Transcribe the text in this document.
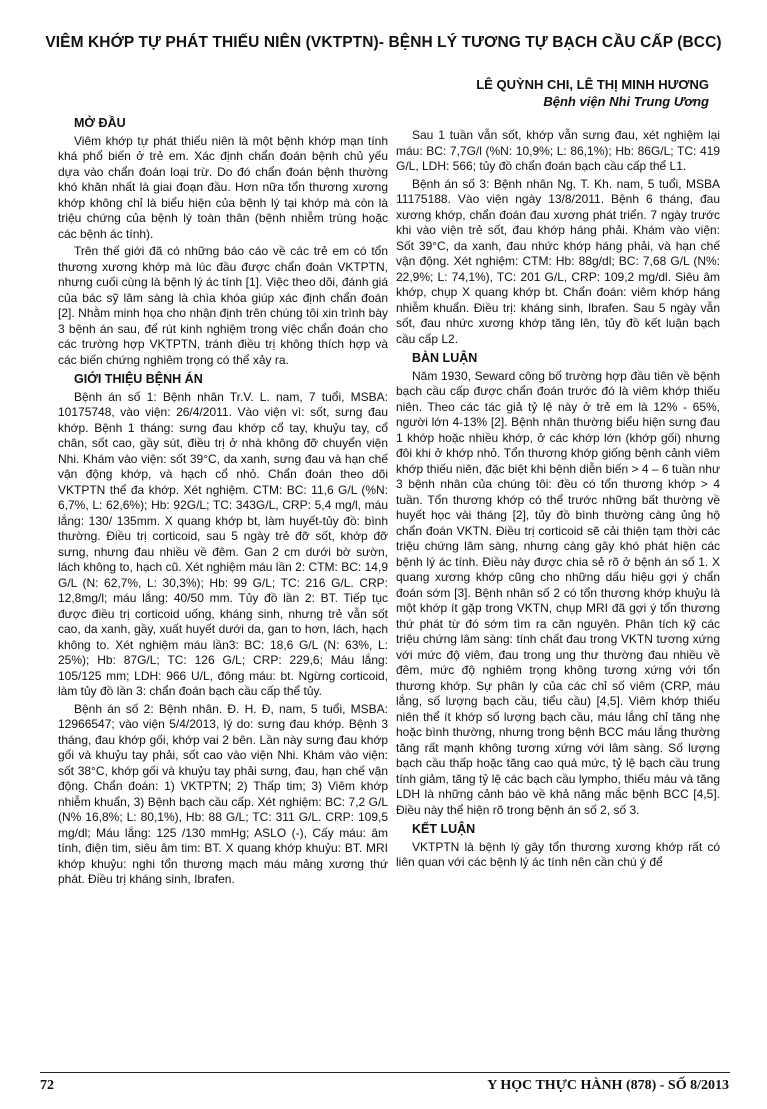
VIÊM KHỚP TỰ PHÁT THIẾU NIÊN (VKTPTN)- BỆNH LÝ TƯƠNG TỰ BẠCH CẦU CẤP (BCC)
LÊ QUỲNH CHI, LÊ THỊ MINH HƯƠNG
Bệnh viện Nhi Trung Ương
MỞ ĐẦU

Viêm khớp tự phát thiếu niên là một bệnh khớp mạn tính khá phổ biến ở trẻ em. Xác định chẩn đoán bệnh chủ yếu dựa vào chẩn đoán loại trừ. Do đó chẩn đoán bệnh thường khó khăn nhất là giai đoạn đầu. Hơn nữa tổn thương xương khớp không chỉ là biểu hiện của bệnh lý tại khớp mà còn là triệu chứng của bệnh lý toàn thân (bệnh nhiễm trùng hoặc các bệnh ác tính).

Trên thế giới đã có những báo cáo về các trẻ em có tổn thương xương khớp mà lúc đầu được chẩn đoán VKTPTN, nhưng cuối cùng là bệnh lý ác tính [1]. Việc theo dõi, đánh giá của bác sỹ lâm sàng là chìa khóa giúp xác định chẩn đoán [2]. Nhằm minh họa cho nhận định trên chúng tôi xin trình bày 3 bệnh án sau, để rút kinh nghiệm trong việc chẩn đoán cho các trường hợp VKTPTN, tránh điều trị không thích hợp và các biến chứng nghiêm trọng có thể xảy ra.

GIỚI THIỆU BỆNH ÁN

Bệnh án số 1: Bệnh nhân Tr.V. L. nam, 7 tuổi, MSBA: 10175748, vào viện: 26/4/2011. Vào viện vì: sốt, sưng đau khớp. Bệnh 1 tháng: sưng đau khớp cổ tay, khuỷu tay, cổ chân, sốt cao, gầy sút, điều trị ở nhà không đỡ chuyển viện Nhi. Khám vào viện: sốt 39°C, da xanh, sưng đau và hạn chế vận động khớp, và hạch cổ nhỏ. Chẩn đoán theo dõi VKTPTN thể đa khớp. Xét nghiệm. CTM: BC: 11,6 G/L (%N: 6,7%, L: 62,6%); Hb: 92G/L; TC: 343G/L, CRP: 5,4 mg/l, máu lắng: 130/ 135mm. X quang khớp bt, làm huyết-tủy đồ: bình thường. Điều trị corticoid, sau 5 ngày trẻ đỡ sốt, khớp đỡ sưng, nhưng đau nhiều về đêm. Gan 2 cm dưới bờ sườn, lách không to, hạch cũ. Xét nghiệm máu lần 2: CTM: BC: 14,9 G/L (N: 62,7%, L: 30,3%); Hb: 99 G/L; TC: 216 G/L. CRP: 12,8mg/l; máu lắng: 40/50 mm. Tủy đồ lần 2: BT. Tiếp tục được điều trị corticoid uống, kháng sinh, nhưng trẻ vẫn sốt cao, da xanh, gầy, xuất huyết dưới da, gan to hơn, lách, hạch không to. Xét nghiệm máu lần3: BC: 18,6 G/L (N: 63%, L: 25%); Hb: 87G/L; TC: 126 G/L; CRP: 229,6; Máu lắng: 105/125 mm; LDH: 966 U/L, đông máu: bt. Ngừng corticoid, làm tủy đồ lần 3: chẩn đoán bạch cầu cấp thể tủy.

Bệnh án số 2: Bệnh nhân. Đ. H. Đ, nam, 5 tuổi, MSBA: 12966547; vào viện 5/4/2013, lý do: sưng đau khớp. Bệnh 3 tháng, đau khớp gối, khớp vai 2 bên. Lần này sưng đau khớp gối và khuỷu tay phải, sốt cao vào viện Nhi. Khám vào viện: sốt 38°C, khớp gối và khuỷu tay phải sưng, đau, hạn chế vận động. Chẩn đoán: 1) VKTPTN; 2) Thấp tim; 3) Viêm khớp nhiễm khuẩn, 3) Bệnh bạch cầu cấp. Xét nghiệm: BC: 7,2 G/L (N% 16,8%; L: 80,1%), Hb: 88 G/L; TC: 311 G/L. CRP: 109,5 mg/dl; Máu lắng: 125 /130 mmHg; ASLO (-), Cấy máu: âm tính, điện tim, siêu âm tim: BT. X quang khớp khuỷu: BT. MRI khớp khuỷu: nghi tổn thương mạch máu mảng xương thứ phát. Điều trị kháng sinh, Ibrafen.

Sau 1 tuần vẫn sốt, khớp vẫn sưng đau, xét nghiệm lại máu: BC: 7,7G/l (%N: 10,9%; L: 86,1%); Hb: 86G/L; TC: 419 G/L, LDH: 566; tủy đồ chẩn đoán bạch cầu cấp thể L1.

Bệnh án số 3: Bệnh nhân Ng. T. Kh. nam, 5 tuổi, MSBA 11175188. Vào viện ngày 13/8/2011. Bệnh 6 tháng, đau xương khớp, chẩn đoán đau xương phát triển. 7 ngày trước khi vào viện trẻ sốt, đau khớp háng phải. Khám vào viện: Sốt 39°C, da xanh, đau nhức khớp háng phải, và hạn chế vận động. Xét nghiệm: CTM: Hb: 88g/dl; BC: 7,68 G/L (N%: 22,9%; L: 74,1%), TC: 201 G/L, CRP: 109,2 mg/dl. Siêu âm khớp, chụp X quang khớp bt. Chẩn đoán: viêm khớp háng nhiễm khuẩn. Điều trị: kháng sinh, Ibrafen. Sau 5 ngày vẫn sốt, đau nhức xương khớp tăng lên, tủy đồ kết luận bạch cầu cấp L2.

BÀN LUẬN

Năm 1930, Seward công bố trường hợp đầu tiên về bệnh bạch cầu cấp được chẩn đoán trước đó là viêm khớp thiếu niên. Theo các tác giả tỷ lệ này ở trẻ em là 12% - 65%, người lớn 4-13% [2]. Bệnh nhân thường biểu hiện sưng đau 1 khớp hoặc nhiều khớp, ở các khớp lớn (khớp gối) nhưng đôi khi ở khớp nhỏ. Tổn thương khớp giống bệnh cảnh viêm khớp thiếu niên, đặc biệt khi bệnh diễn biến > 4 – 6 tuần như 3 bệnh nhân của chúng tôi: đều có tổn thương khớp > 4 tuần. Tổn thương khớp có thể trước những bất thường về huyết học vài tháng [2], tủy đồ bình thường càng ủng hộ chẩn đoán VKTN. Điều trị corticoid sẽ cải thiện tạm thời các triệu chứng lâm sàng, nhưng càng gây khó phát hiện các bệnh lý ác tính. Điều này được chia sẻ rõ ở bệnh án số 1. X quang xương khớp cũng cho những dấu hiệu gợi ý chẩn đoán sớm [3]. Bệnh nhân số 2 có tổn thương khớp khuỷu là một khớp ít gặp trong VKTN, chụp MRI đã gợi ý tổn thương thứ phát từ đó sớm tìm ra căn nguyên. Phân tích kỹ các triệu chứng lâm sàng: tính chất đau trong VKTN tương xứng với mức độ viêm, đau trong ung thư thường đau nhiều về đêm, mức độ nghiêm trọng không tương xứng với tổn thương khớp. Sự phân ly của các chỉ số viêm (CRP, máu lắng, số lượng bạch cầu, tiểu cầu) [4,5]. Viêm khớp thiếu niên thể ít khớp số lượng bạch cầu, máu lắng chỉ tăng nhẹ hoặc bình thường, nhưng trong bệnh BCC máu lắng thường tăng rất mạnh không tương xứng với lâm sàng. Số lượng bạch cầu thấp hoặc tăng cao quá mức, tỷ lệ bạch cầu trung tính giảm, tăng tỷ lệ các bạch cầu lympho, thiếu máu và tăng LDH là những cảnh báo về khả năng mắc bệnh BCC [4,5]. Điều này thể hiện rõ trong bệnh án số 2, số 3.

KẾT LUẬN

VKTPTN là bệnh lý gây tổn thương xương khớp rất có liên quan với các bệnh lý ác tính nên cần chú ý để

72	Y HỌC THỰC HÀNH (878) - SỐ 8/2013
